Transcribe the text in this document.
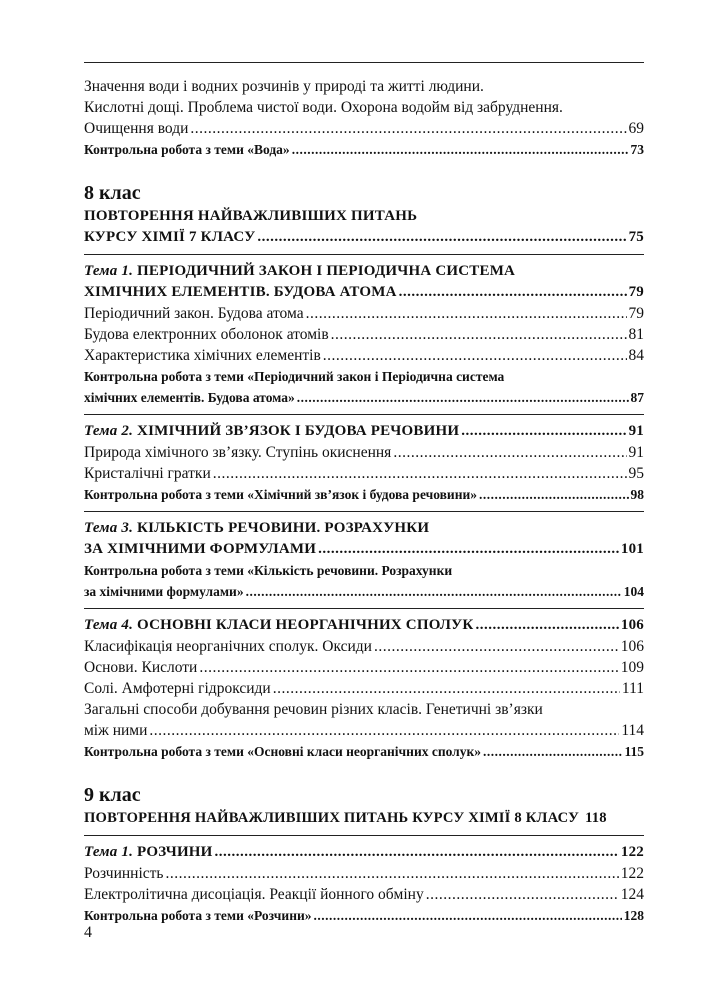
Значення води і водних розчинів у природі та житті людини.
Кислотні дощі. Проблема чистої води. Охорона водойм від забруднення.
Очищення води .....	69
Контрольна робота з теми «Вода» .....	73
8 клас
ПОВТОРЕННЯ НАЙВАЖЛИВІШИХ ПИТАНЬ
КУРСУ ХІМІЇ 7 КЛАСУ .....	75
Тема 1. ПЕРІОДИЧНИЙ ЗАКОН І ПЕРІОДИЧНА СИСТЕМА
ХІМІЧНИХ ЕЛЕМЕНТІВ. БУДОВА АТОМА .....	79
Періодичний закон. Будова атома .....	79
Будова електронних оболонок атомів .....	81
Характеристика хімічних елементів .....	84
Контрольна робота з теми «Періодичний закон і Періодична система
хімічних елементів. Будова атома» .....	87
Тема 2. ХІМІЧНИЙ ЗВ’ЯЗОК І БУДОВА РЕЧОВИНИ .....	91
Природа хімічного зв’язку. Ступінь окиснення .....	91
Кристалічні гратки .....	95
Контрольна робота з теми «Хімічний зв’язок і будова речовини» .....	98
Тема 3. КІЛЬКІСТЬ РЕЧОВИНИ. РОЗРАХУНКИ
ЗА ХІМІЧНИМИ ФОРМУЛАМИ .....	101
Контрольна робота з теми «Кількість речовини. Розрахунки
за хімічними формулами» .....	104
Тема 4. ОСНОВНІ КЛАСИ НЕОРГАНІЧНИХ СПОЛУК .....	106
Класифікація неорганічних сполук. Оксиди .....	106
Основи. Кислоти .....	109
Солі. Амфотерні гідроксиди .....	111
Загальні способи добування речовин різних класів. Генетичні зв’язки
між ними .....	114
Контрольна робота з теми «Основні класи неорганічних сполук» .....	115
9 клас
ПОВТОРЕННЯ НАЙВАЖЛИВІШИХ ПИТАНЬ КУРСУ ХІМІЇ 8 КЛАСУ 118
Тема 1. РОЗЧИНИ .....	122
Розчинність .....	122
Електролітична дисоціація. Реакції йонного обміну .....	124
Контрольна робота з теми «Розчини» .....	128
4
